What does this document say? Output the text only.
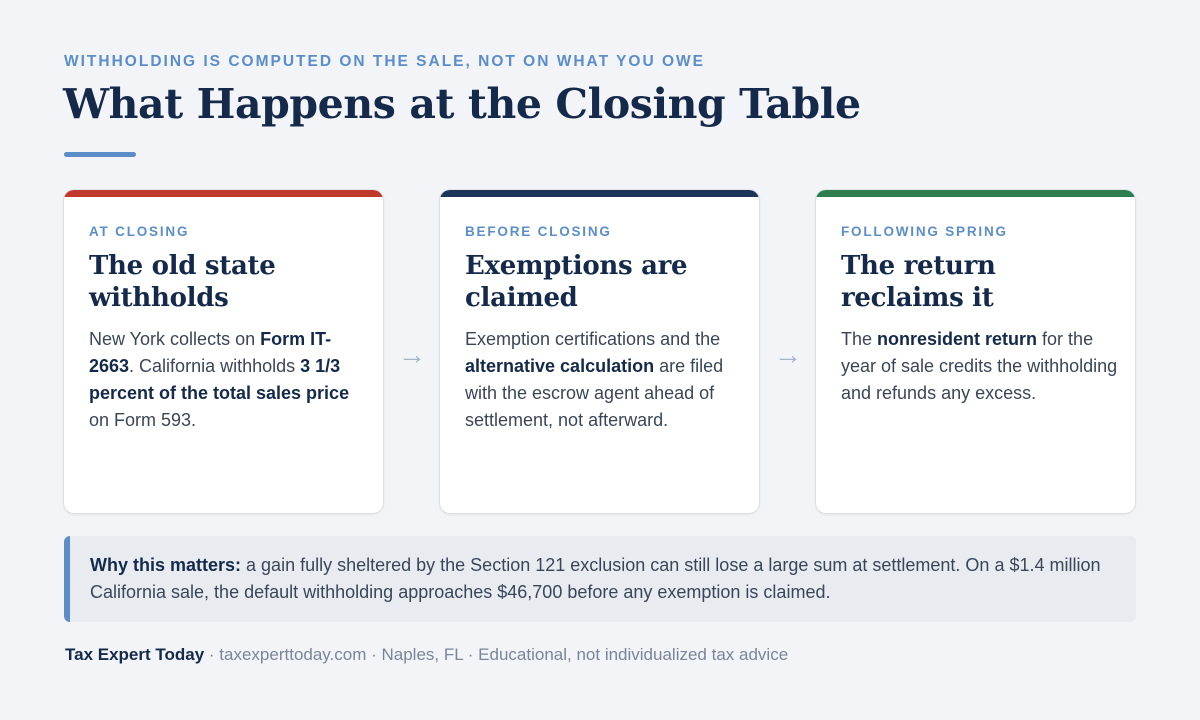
WITHHOLDING IS COMPUTED ON THE SALE, NOT ON WHAT YOU OWE
What Happens at the Closing Table
AT CLOSING
The old state withholds
New York collects on Form IT-2663. California withholds 3 1/3 percent of the total sales price on Form 593.
→
BEFORE CLOSING
Exemptions are claimed
Exemption certifications and the alternative calculation are filed with the escrow agent ahead of settlement, not afterward.
→
FOLLOWING SPRING
The return reclaims it
The nonresident return for the year of sale credits the withholding and refunds any excess.
Why this matters: a gain fully sheltered by the Section 121 exclusion can still lose a large sum at settlement. On a $1.4 million California sale, the default withholding approaches $46,700 before any exemption is claimed.
Tax Expert Today · taxexperttoday.com · Naples, FL · Educational, not individualized tax advice
